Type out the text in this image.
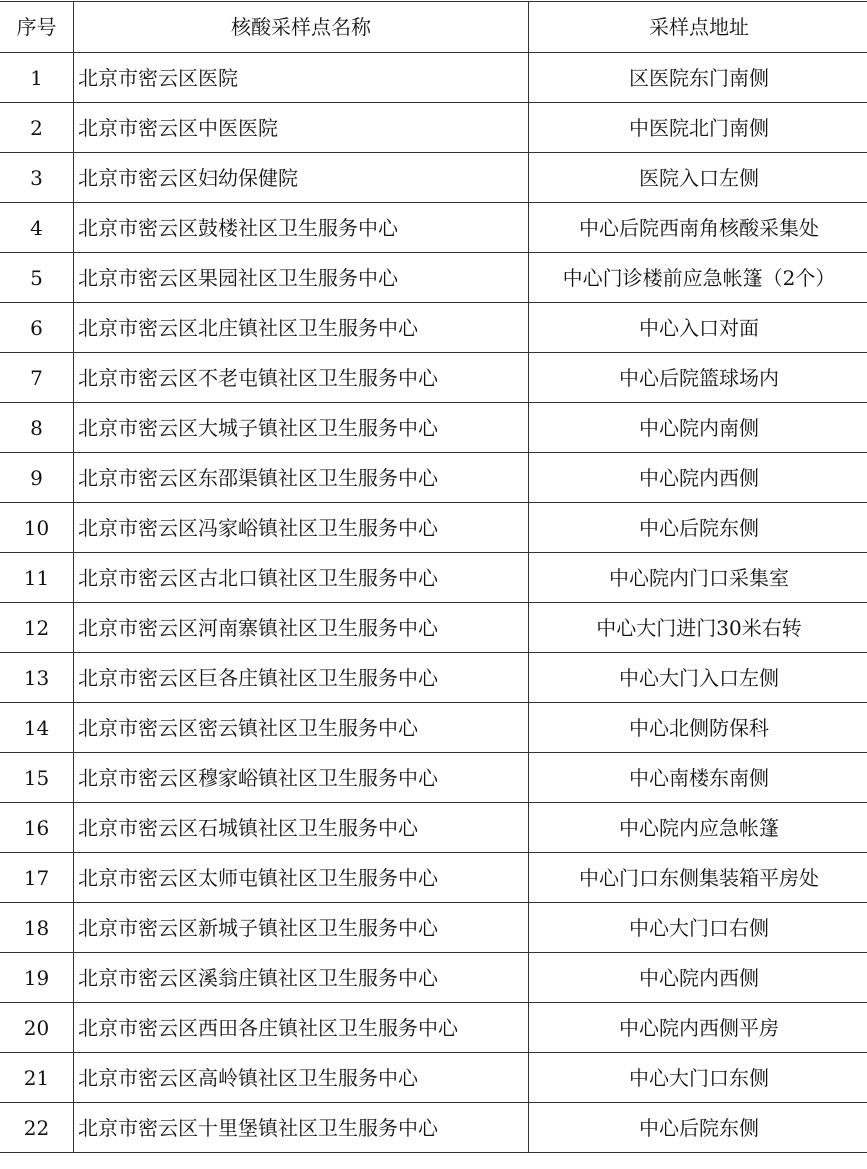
序号	核酸采样点名称	采样点地址
1	北京市密云区医院	区医院东门南侧
2	北京市密云区中医医院	中医院北门南侧
3	北京市密云区妇幼保健院	医院入口左侧
4	北京市密云区鼓楼社区卫生服务中心	中心后院西南角核酸采集处
5	北京市密云区果园社区卫生服务中心	中心门诊楼前应急帐篷（2个）
6	北京市密云区北庄镇社区卫生服务中心	中心入口对面
7	北京市密云区不老屯镇社区卫生服务中心	中心后院篮球场内
8	北京市密云区大城子镇社区卫生服务中心	中心院内南侧
9	北京市密云区东邵渠镇社区卫生服务中心	中心院内西侧
10	北京市密云区冯家峪镇社区卫生服务中心	中心后院东侧
11	北京市密云区古北口镇社区卫生服务中心	中心院内门口采集室
12	北京市密云区河南寨镇社区卫生服务中心	中心大门进门30米右转
13	北京市密云区巨各庄镇社区卫生服务中心	中心大门入口左侧
14	北京市密云区密云镇社区卫生服务中心	中心北侧防保科
15	北京市密云区穆家峪镇社区卫生服务中心	中心南楼东南侧
16	北京市密云区石城镇社区卫生服务中心	中心院内应急帐篷
17	北京市密云区太师屯镇社区卫生服务中心	中心门口东侧集装箱平房处
18	北京市密云区新城子镇社区卫生服务中心	中心大门口右侧
19	北京市密云区溪翁庄镇社区卫生服务中心	中心院内西侧
20	北京市密云区西田各庄镇社区卫生服务中心	中心院内西侧平房
21	北京市密云区高岭镇社区卫生服务中心	中心大门口东侧
22	北京市密云区十里堡镇社区卫生服务中心	中心后院东侧
